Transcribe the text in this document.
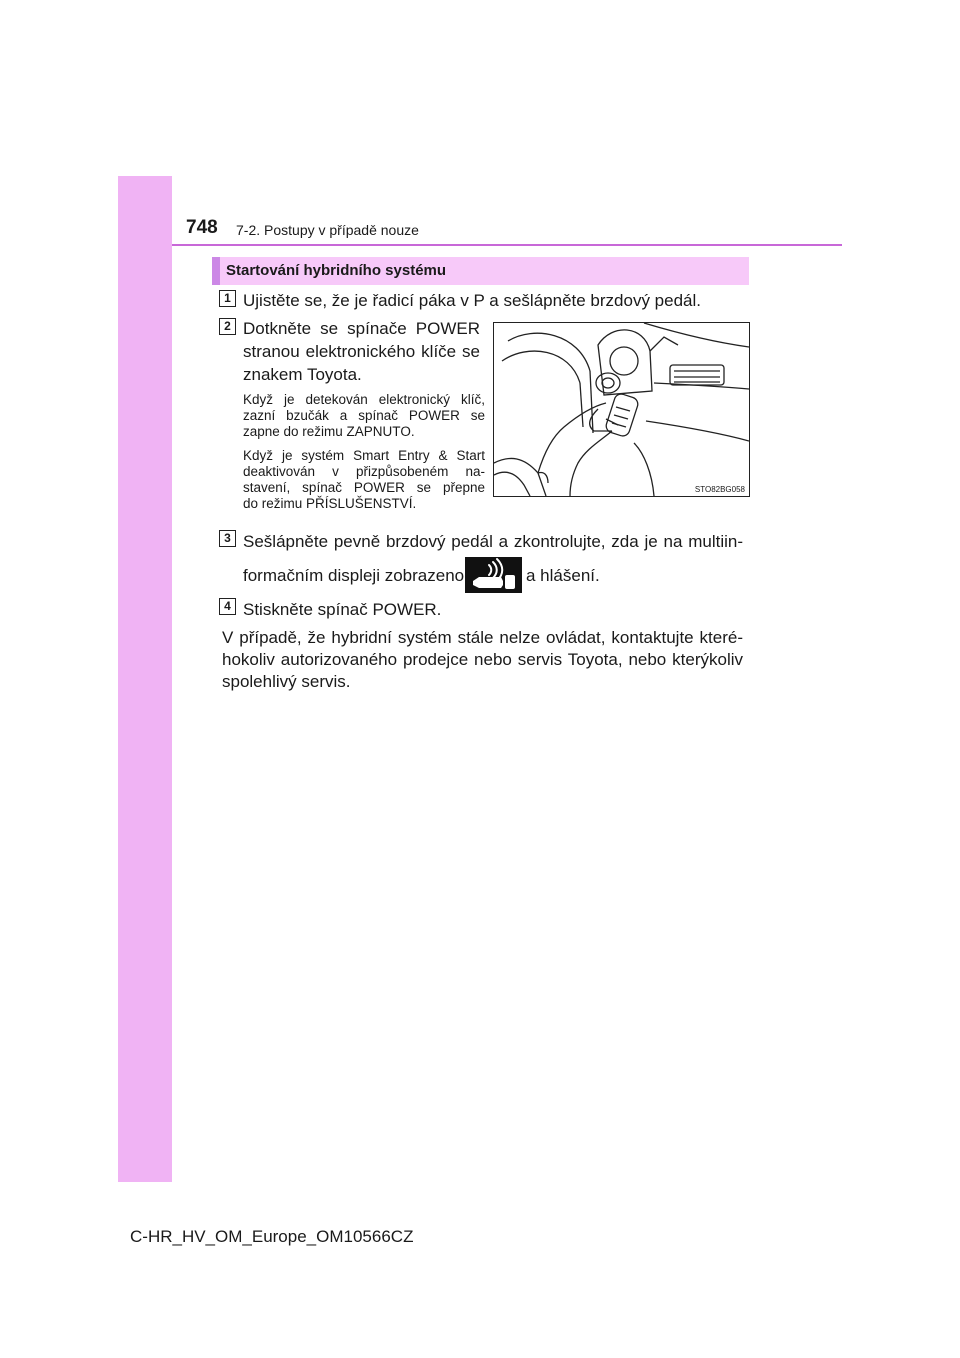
748 7-2. Postupy v případě nouze
Startování hybridního systému
1 Ujistěte se, že je řadicí páka v P a sešlápněte brzdový pedál.
2 Dotkněte se spínače POWER
stranou elektronického klíče se
znakem Toyota.
Když je detekován elektronický klíč,
zazní bzučák a spínač POWER se
zapne do režimu ZAPNUTO.
Když je systém Smart Entry & Start
deaktivován v přizpůsobeném na-
stavení, spínač POWER se přepne
do režimu PŘÍSLUŠENSTVÍ.
STO82BG058
3 Sešlápněte pevně brzdový pedál a zkontrolujte, zda je na multiin-
formačním displeji zobrazeno	a hlášení.
4 Stiskněte spínač POWER.
V případě, že hybridní systém stále nelze ovládat, kontaktujte které-
hokoliv autorizovaného prodejce nebo servis Toyota, nebo kterýkoliv
spolehlivý servis.
C-HR_HV_OM_Europe_OM10566CZ
